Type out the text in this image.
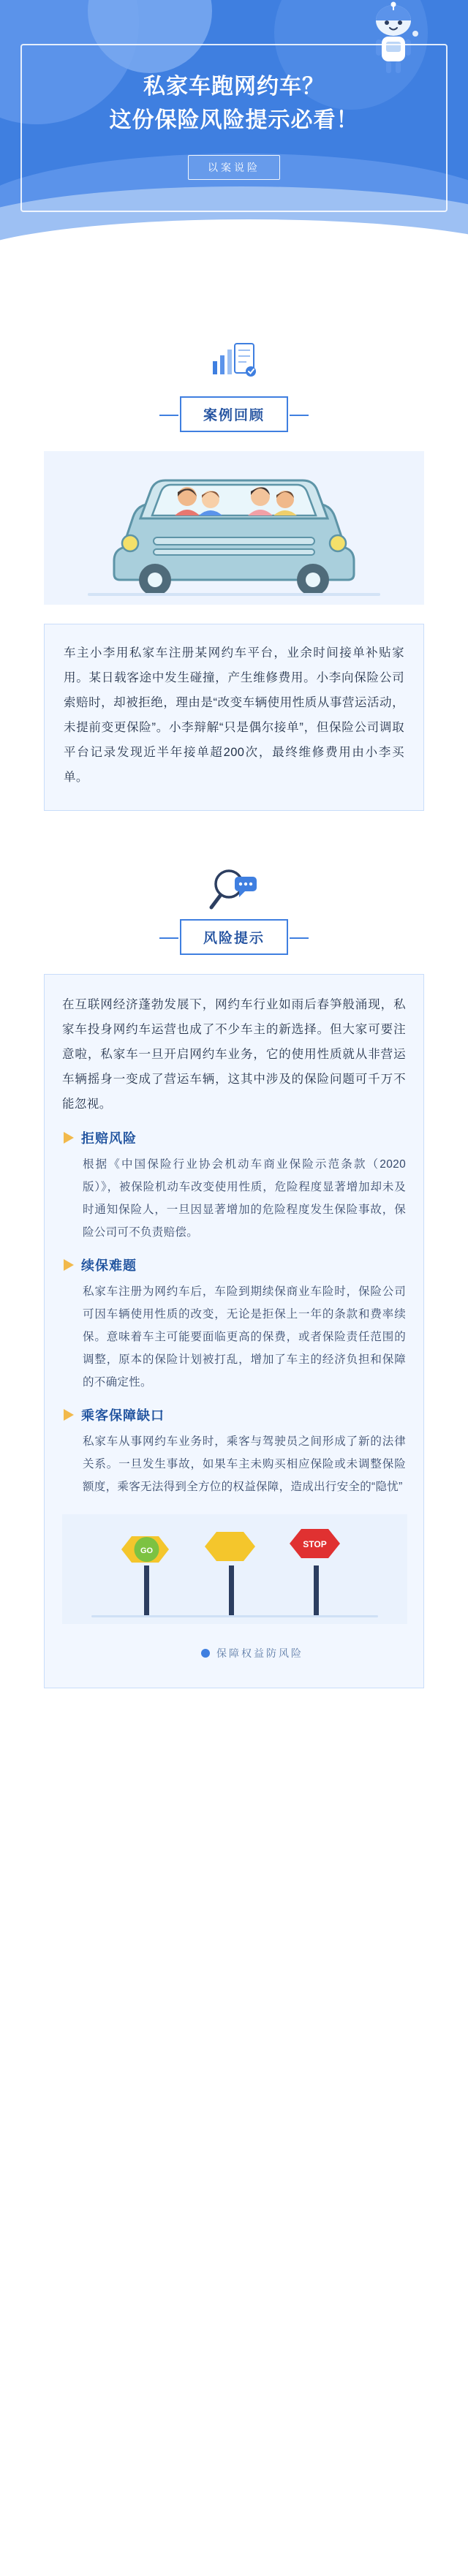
私家车跑网约车？
这份保险风险提示必看！
以案说险
案例回顾
车主小李用私家车注册某网约车平台，业余时间接单补贴家用。某日载客途中发生碰撞，产生维修费用。小李向保险公司索赔时，却被拒绝，理由是“改变车辆使用性质从事营运活动，未提前变更保险”。小李辩解“只是偶尔接单”，但保险公司调取平台记录发现近半年接单超200次，最终维修费用由小李买单。
风险提示
在互联网经济蓬勃发展下，网约车行业如雨后春笋般涌现，私家车投身网约车运营也成了不少车主的新选择。但大家可要注意啦，私家车一旦开启网约车业务，它的使用性质就从非营运车辆摇身一变成了营运车辆，这其中涉及的保险问题可千万不能忽视。
拒赔风险
根据《中国保险行业协会机动车商业保险示范条款（2020版）》，被保险机动车改变使用性质，危险程度显著增加却未及时通知保险人，一旦因显著增加的危险程度发生保险事故，保险公司可不负责赔偿。
续保难题
私家车注册为网约车后，车险到期续保商业车险时，保险公司可因车辆使用性质的改变，无论是拒保上一年的条款和费率续保。意味着车主可能要面临更高的保费，或者保险责任范围的调整，原本的保险计划被打乱，增加了车主的经济负担和保障的不确定性。
乘客保障缺口
私家车从事网约车业务时，乘客与驾驶员之间形成了新的法律关系。一旦发生事故，如果车主未购买相应保险或未调整保险额度，乘客无法得到全方位的权益保障，造成出行安全的“隐忧”
GO
STOP
保障权益防风险
